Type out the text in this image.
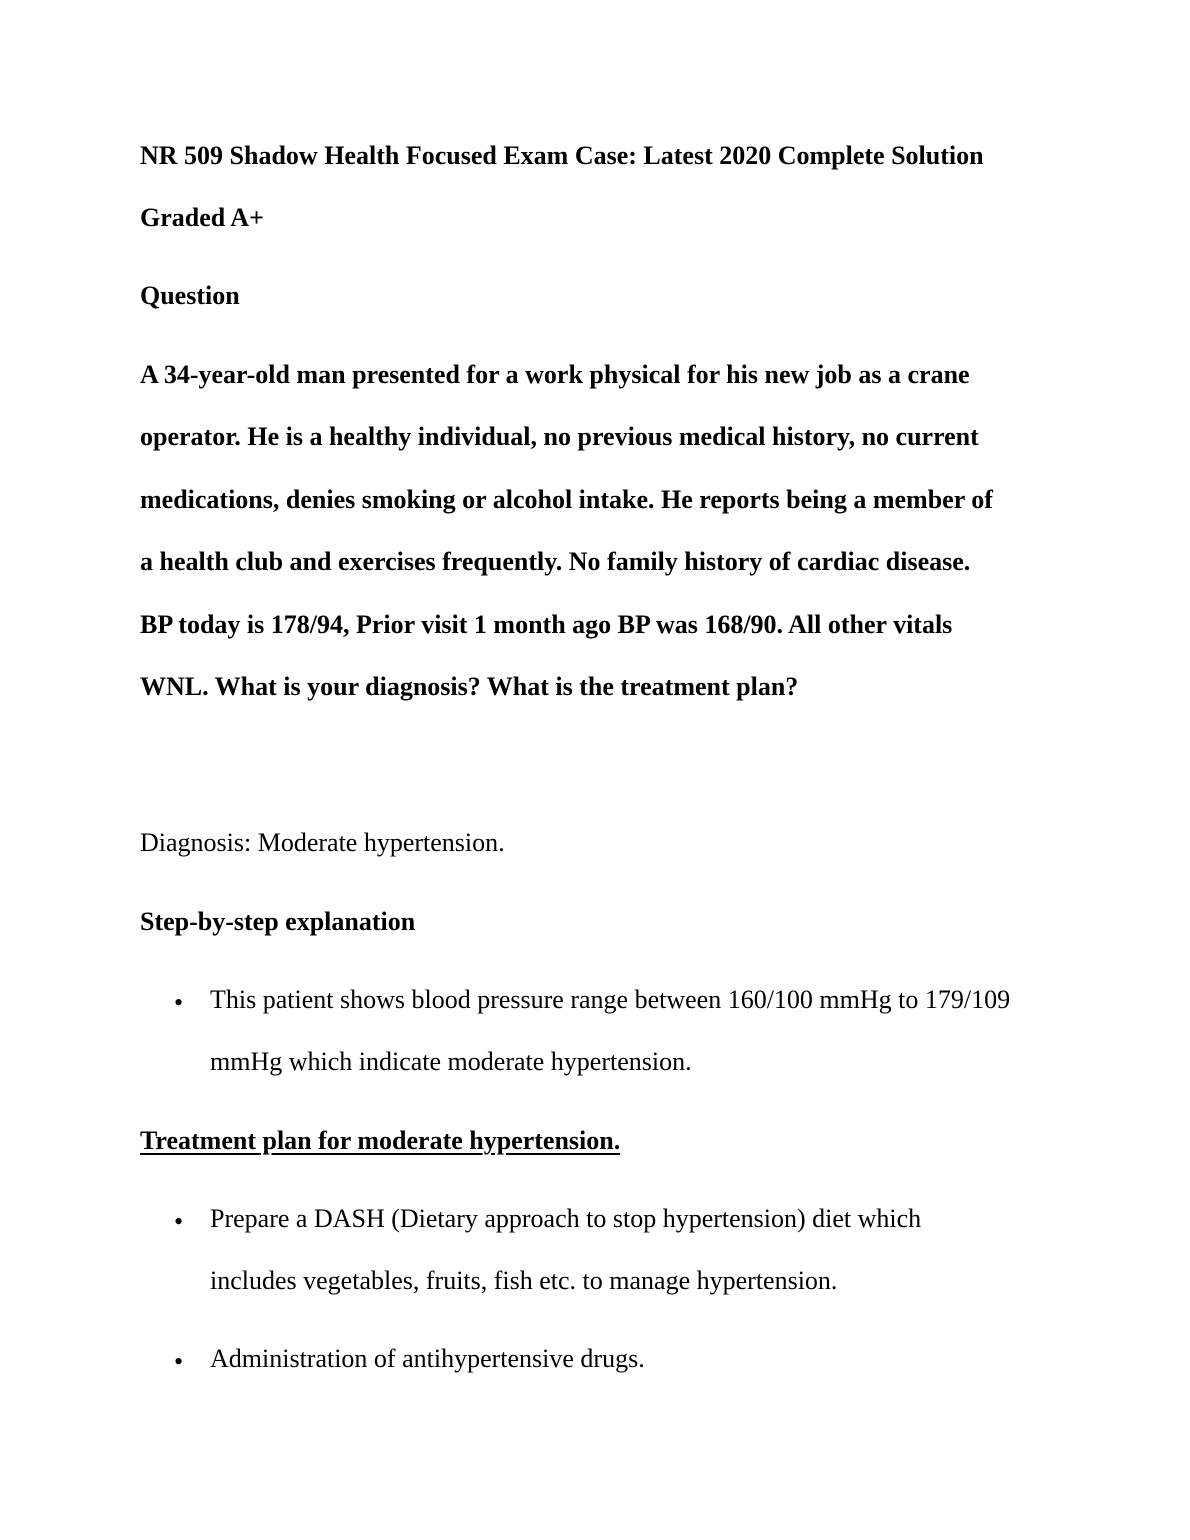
NR 509 Shadow Health Focused Exam Case: Latest 2020 Complete Solution

Graded A+

Question

A 34-year-old man presented for a work physical for his new job as a crane

operator. He is a healthy individual, no previous medical history, no current

medications, denies smoking or alcohol intake. He reports being a member of

a health club and exercises frequently. No family history of cardiac disease.

BP today is 178/94, Prior visit 1 month ago BP was 168/90. All other vitals

WNL. What is your diagnosis? What is the treatment plan?

Diagnosis: Moderate hypertension.

Step-by-step explanation

• This patient shows blood pressure range between 160/100 mmHg to 179/109

mmHg which indicate moderate hypertension.

Treatment plan for moderate hypertension.

• Prepare a DASH (Dietary approach to stop hypertension) diet which

includes vegetables, fruits, fish etc. to manage hypertension.

• Administration of antihypertensive drugs.
